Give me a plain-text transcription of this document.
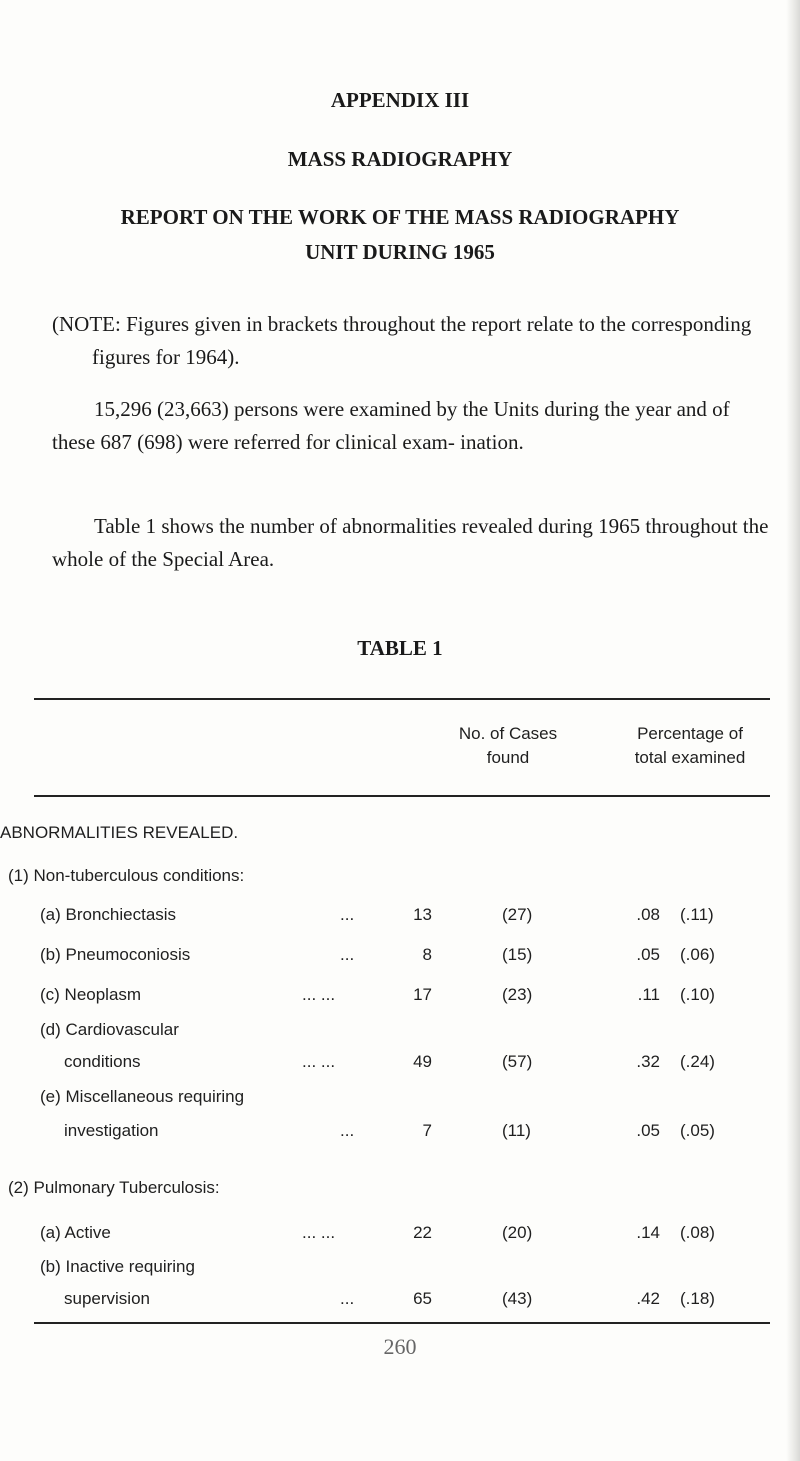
APPENDIX III
MASS RADIOGRAPHY
REPORT ON THE WORK OF THE MASS RADIOGRAPHY
UNIT DURING 1965
(NOTE: Figures given in brackets throughout the report relate to the corresponding figures for 1964).
15,296 (23,663) persons were examined by the Units during the year and of these 687 (698) were referred for clinical exam- ination.
Table 1 shows the number of abnormalities revealed during 1965 throughout the whole of the Special Area.
TABLE 1
No. of Cases
found
Percentage of
total examined
ABNORMALITIES REVEALED.
(1) Non-tuberculous conditions:
(a) Bronchiectasis	...	13	(27)	.08 (.11)
(b) Pneumoconiosis	...	8	(15)	.05 (.06)
(c) Neoplasm	... ...	17	(23)	.11 (.10)
(d) Cardiovascular
conditions	... ...	49	(57)	.32 (.24)
(e) Miscellaneous requiring
investigation	...	7	(11)	.05 (.05)
(2) Pulmonary Tuberculosis:
(a) Active	... ...	22	(20)	.14 (.08)
(b) Inactive requiring
supervision	...	65	(43)	.42 (.18)
260
